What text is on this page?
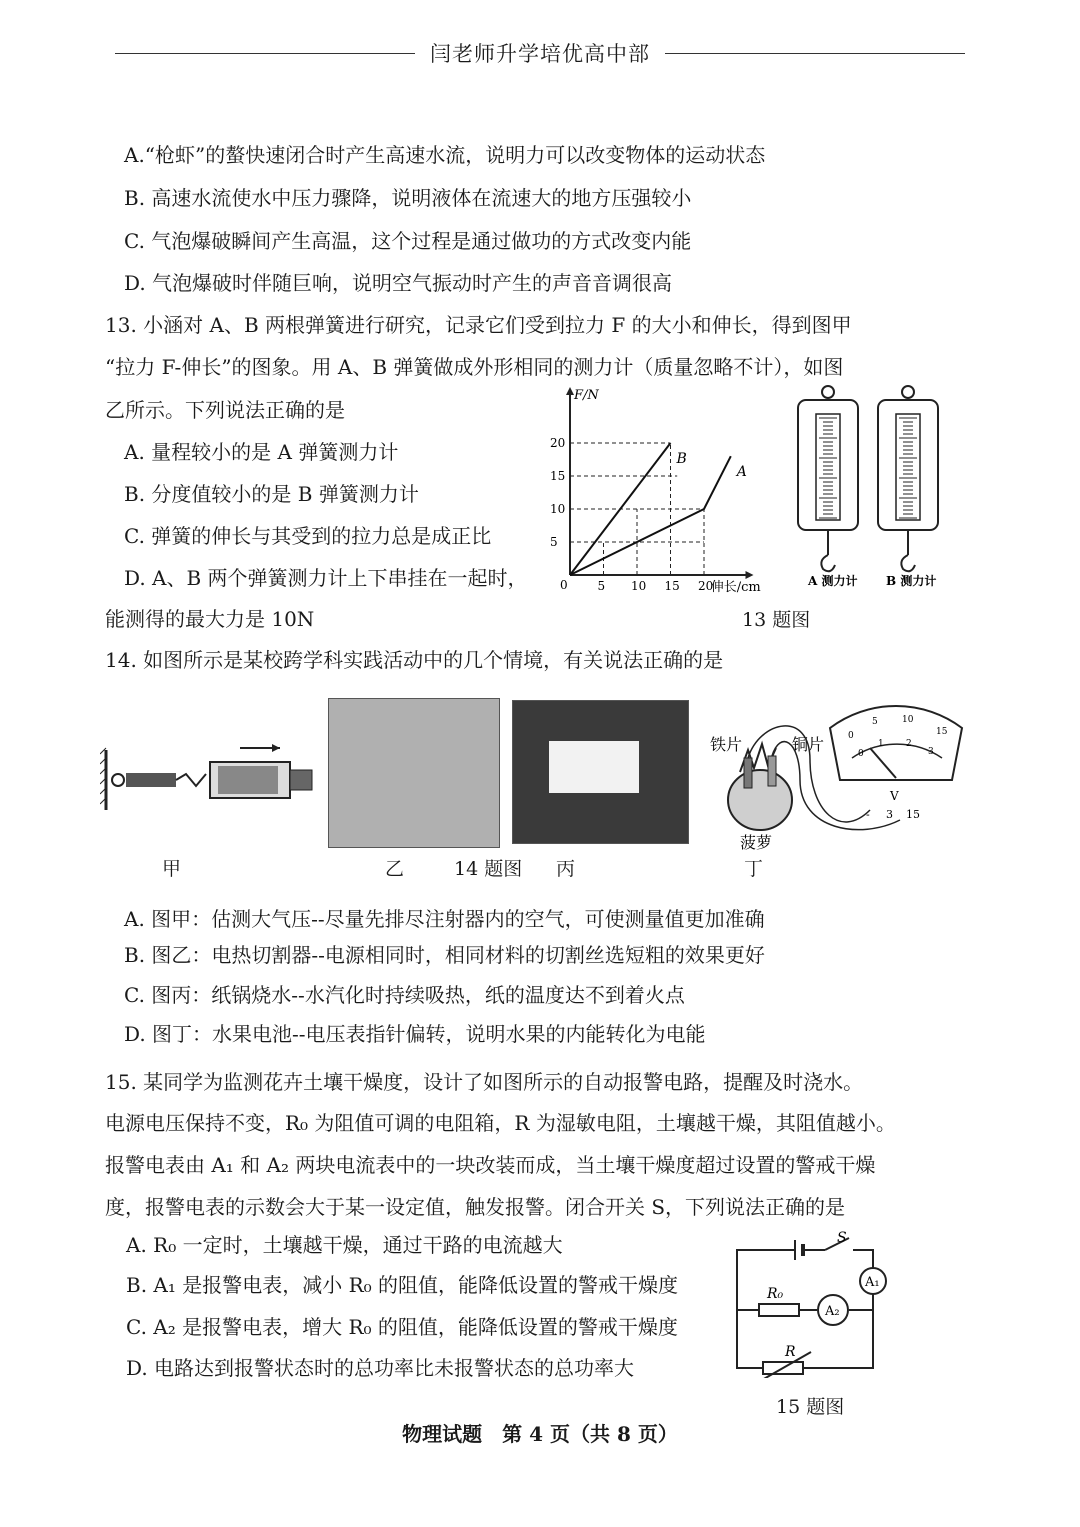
闫老师升学培优高中部
A.“枪虾”的螯快速闭合时产生高速水流，说明力可以改变物体的运动状态
B. 高速水流使水中压力骤降，说明液体在流速大的地方压强较小
C. 气泡爆破瞬间产生高温，这个过程是通过做功的方式改变内能
D. 气泡爆破时伴随巨响，说明空气振动时产生的声音音调很高
13. 小涵对 A、B 两根弹簧进行研究，记录它们受到拉力 F 的大小和伸长，得到图甲
“拉力 F-伸长”的图象。用 A、B 弹簧做成外形相同的测力计（质量忽略不计），如图
乙所示。下列说法正确的是
A. 量程较小的是 A 弹簧测力计
B. 分度值较小的是 B 弹簧测力计
C. 弹簧的伸长与其受到的拉力总是成正比
D. A、B 两个弹簧测力计上下串挂在一起时，
能测得的最大力是 10N
F/N
伸长/cm
0 5 10 15 20
5
10
15
20
B
A
A 测力计 B 测力计
13 题图
14. 如图所示是某校跨学科实践活动中的几个情境，有关说法正确的是
铁片	铜片
菠萝
0
5	10
15
0
1 2
3
V
- 3 15
甲	乙	14 题图 丙	丁
A. 图甲：估测大气压--尽量先排尽注射器内的空气，可使测量值更加准确
B. 图乙：电热切割器--电源相同时，相同材料的切割丝选短粗的效果更好
C. 图丙：纸锅烧水--水汽化时持续吸热，纸的温度达不到着火点
D. 图丁：水果电池--电压表指针偏转，说明水果的内能转化为电能
15. 某同学为监测花卉土壤干燥度，设计了如图所示的自动报警电路，提醒及时浇水。
电源电压保持不变，R₀ 为阻值可调的电阻箱，R 为湿敏电阻，土壤越干燥，其阻值越小。
报警电表由 A₁ 和 A₂ 两块电流表中的一块改装而成，当土壤干燥度超过设置的警戒干燥
度，报警电表的示数会大于某一设定值，触发报警。闭合开关 S，下列说法正确的是
A. R₀ 一定时，土壤越干燥，通过干路的电流越大
B. A₁ 是报警电表，减小 R₀ 的阻值，能降低设置的警戒干燥度
C. A₂ 是报警电表，增大 R₀ 的阻值，能降低设置的警戒干燥度
D. 电路达到报警状态时的总功率比未报警状态的总功率大
S
A₁
A₂
R₀
R
15 题图
物理试题　第 4 页（共 8 页）
